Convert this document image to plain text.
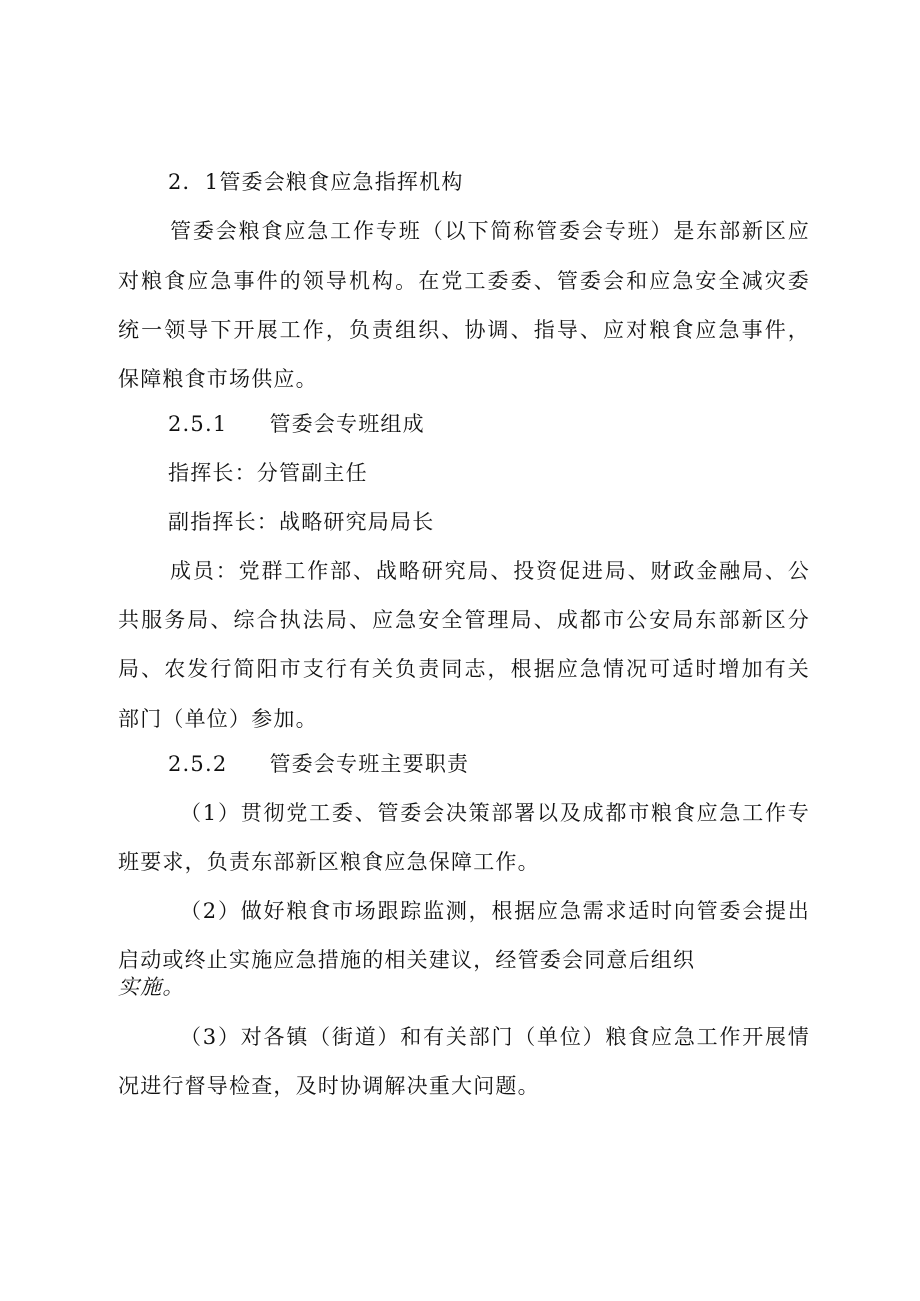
2．1管委会粮食应急指挥机构
管委会粮食应急工作专班（以下简称管委会专班）是东部新区应
对粮食应急事件的领导机构。在党工委委、管委会和应急安全减灾委
统一领导下开展工作，负责组织、协调、指导、应对粮食应急事件，
保障粮食市场供应。
2.5.1 管委会专班组成
指挥长：分管副主任
副指挥长：战略研究局局长
成员：党群工作部、战略研究局、投资促进局、财政金融局、公
共服务局、综合执法局、应急安全管理局、成都市公安局东部新区分
局、农发行简阳市支行有关负责同志，根据应急情况可适时增加有关
部门（单位）参加。
2.5.2 管委会专班主要职责
（1）贯彻党工委、管委会决策部署以及成都市粮食应急工作专
班要求，负责东部新区粮食应急保障工作。
（2）做好粮食市场跟踪监测，根据应急需求适时向管委会提出
启动或终止实施应急措施的相关建议，经管委会同意后组织
实施。
（3）对各镇（街道）和有关部门（单位）粮食应急工作开展情
况进行督导检查，及时协调解决重大问题。
